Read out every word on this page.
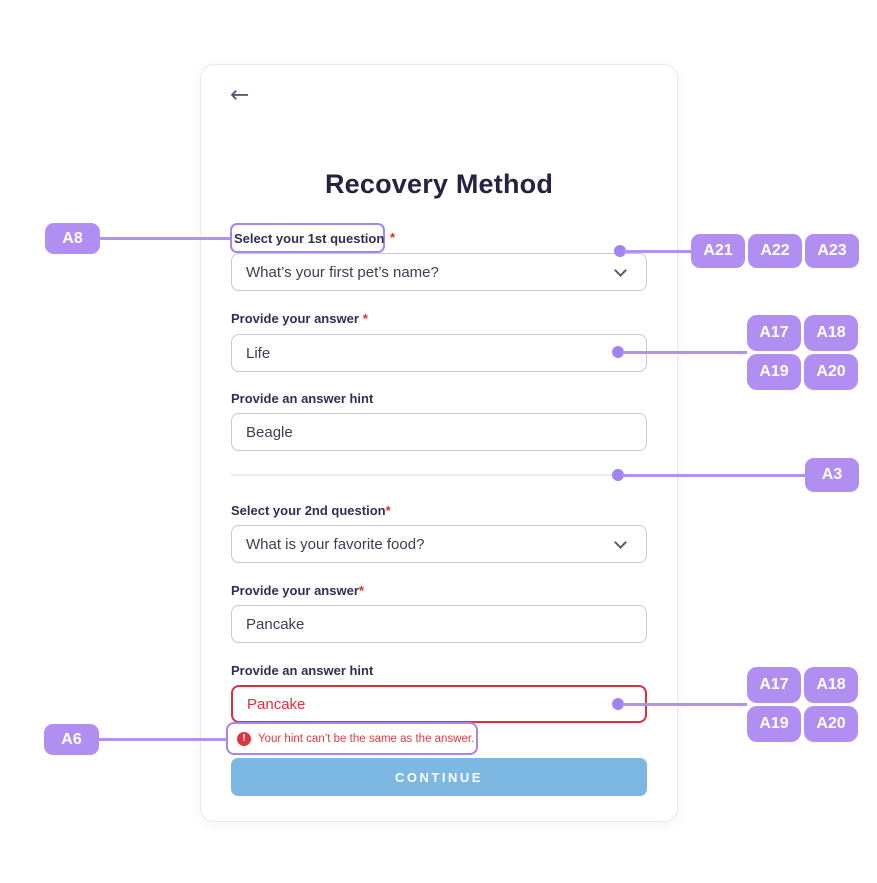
←
Recovery Method
Select your 1st question *
What’s your first pet’s name?
Provide your answer *
Life
Provide an answer hint
Beagle
Select your 2nd question*
What is your favorite food?
Provide your answer*
Pancake
Provide an answer hint
Pancake
!	Your hint can’t be the same as the answer.
CONTINUE
A8
A21	A22	A23
A17	A18
A19	A20
✦
A3
A17	A18
A19	A20
✦
A6
